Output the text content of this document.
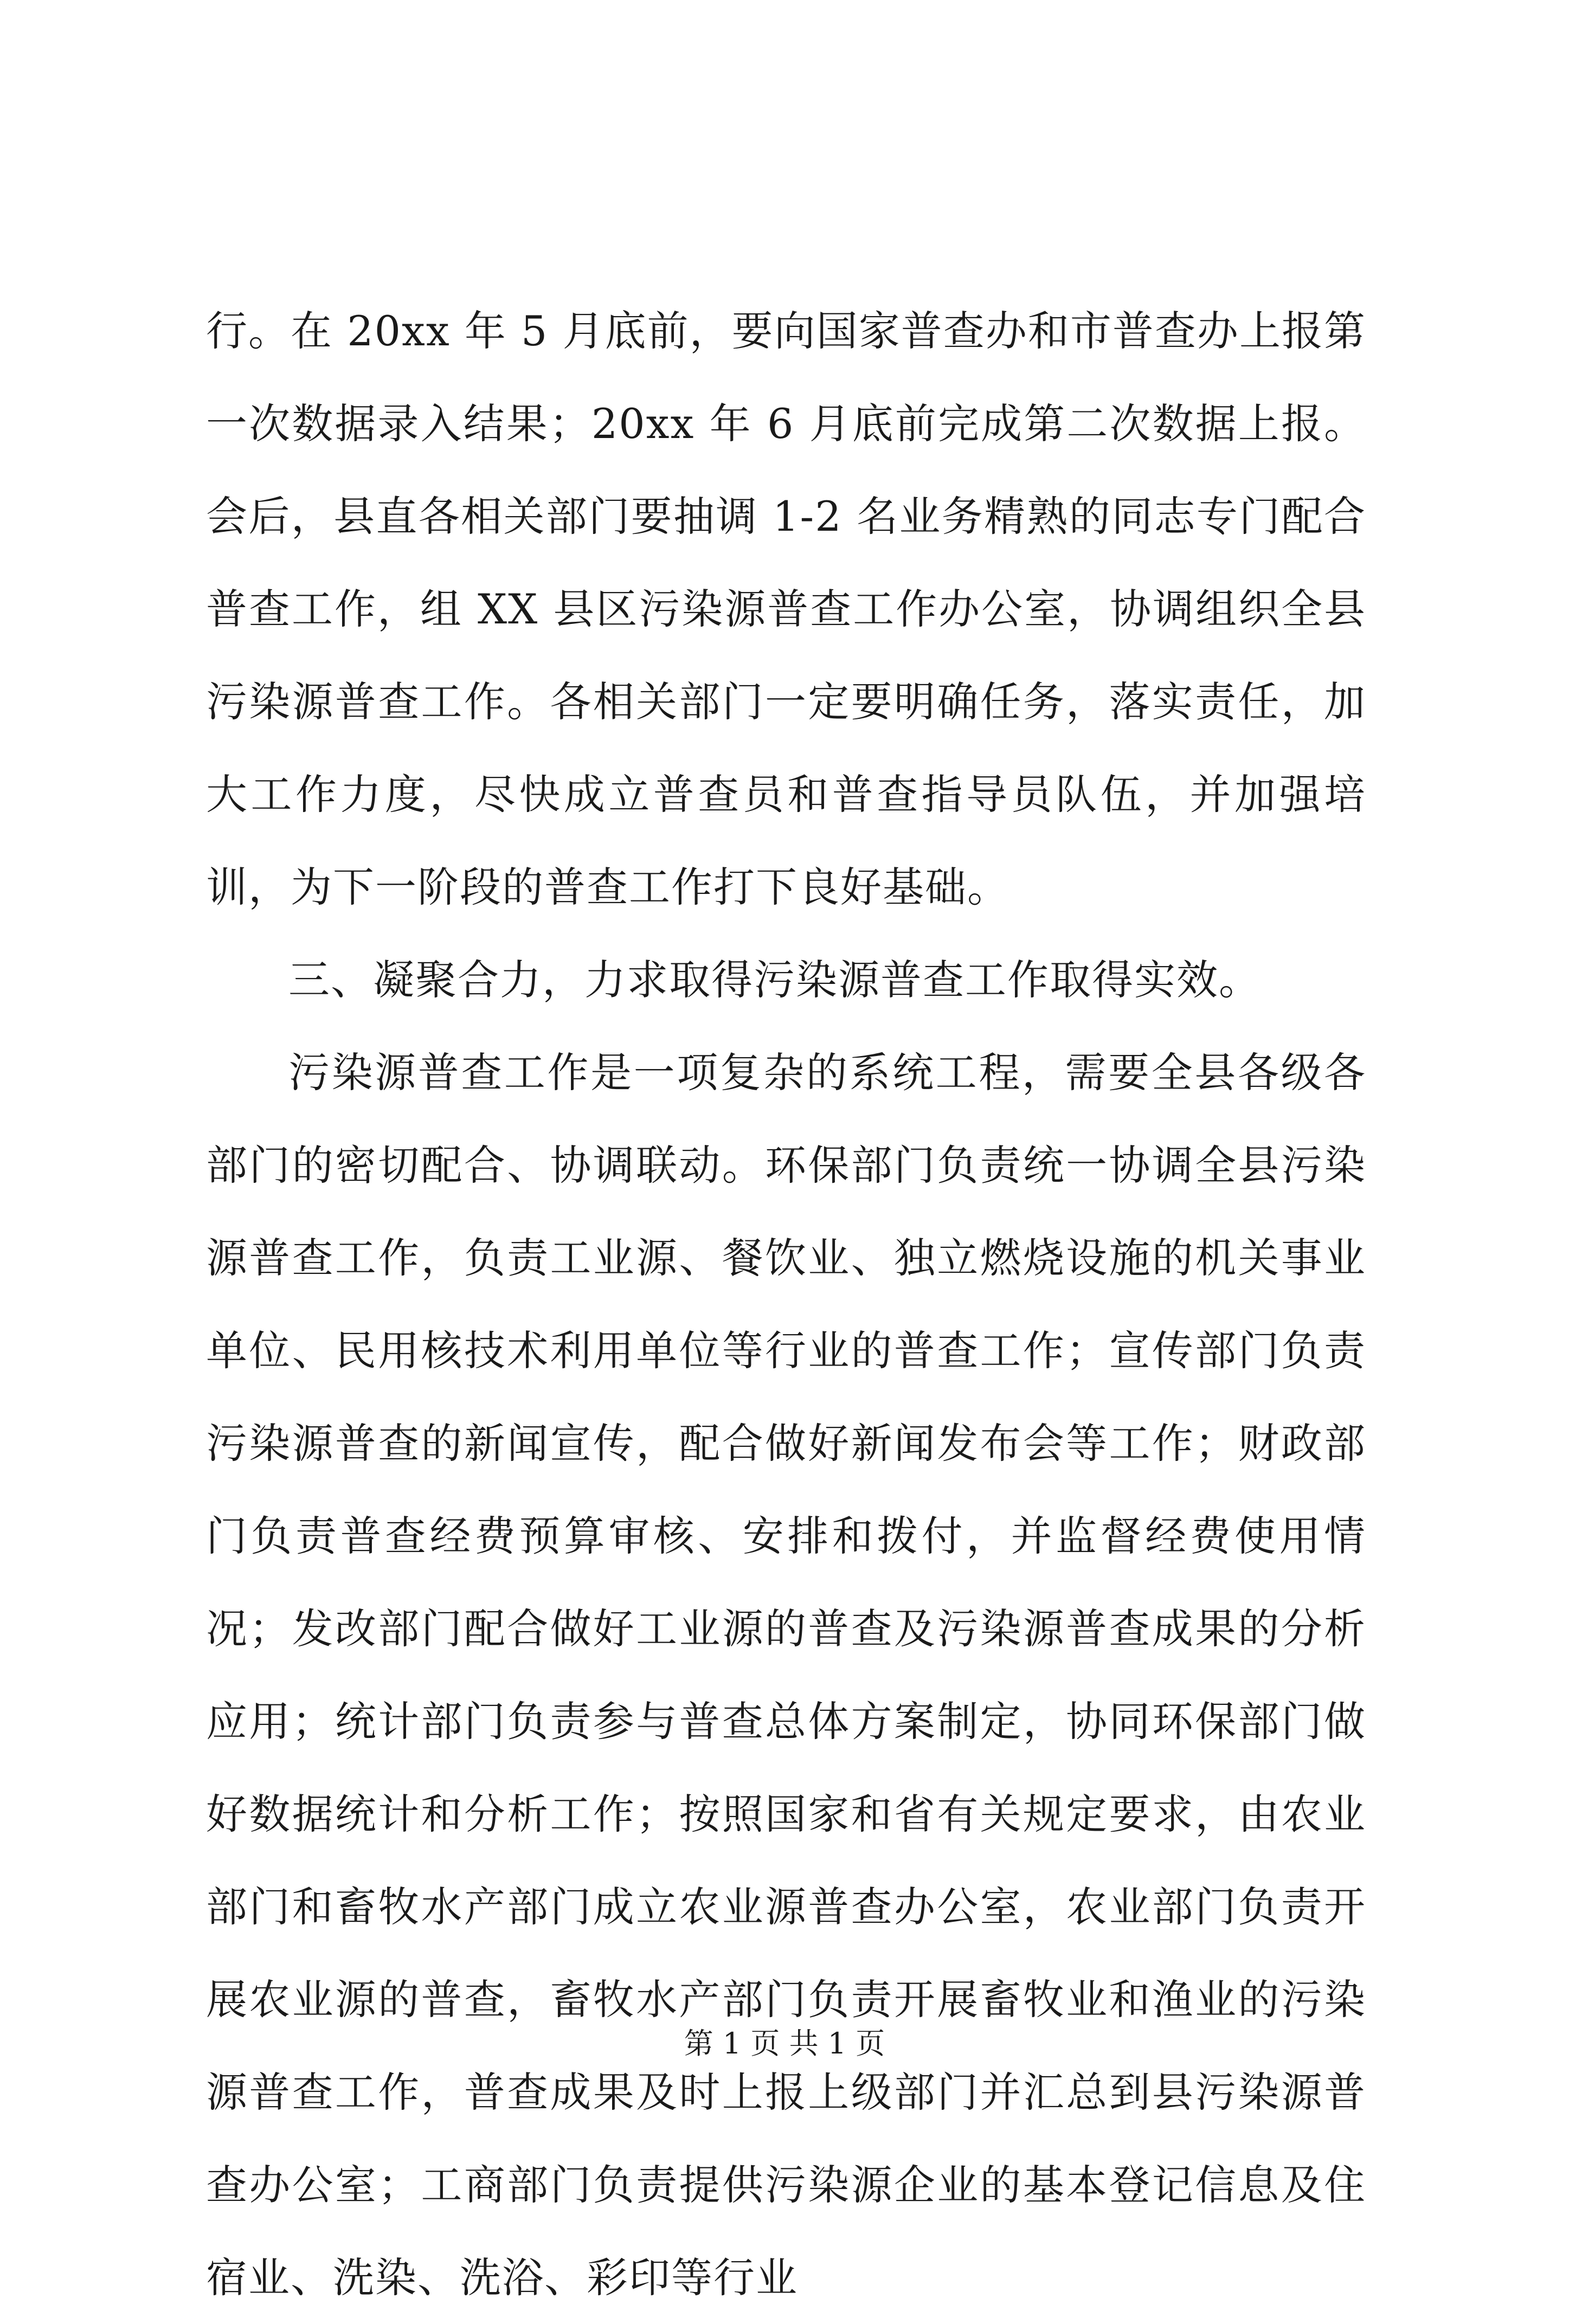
行。在 20xx 年 5 月底前，要向国家普查办和市普查办上报第一次数据录入结果；20xx 年 6 月底前完成第二次数据上报。会后，县直各相关部门要抽调 1-2 名业务精熟的同志专门配合普查工作，组 XX 县区污染源普查工作办公室，协调组织全县污染源普查工作。各相关部门一定要明确任务，落实责任，加大工作力度，尽快成立普查员和普查指导员队伍，并加强培训，为下一阶段的普查工作打下良好基础。

三、凝聚合力，力求取得污染源普查工作取得实效。

污染源普查工作是一项复杂的系统工程，需要全县各级各部门的密切配合、协调联动。环保部门负责统一协调全县污染源普查工作，负责工业源、餐饮业、独立燃烧设施的机关事业单位、民用核技术利用单位等行业的普查工作；宣传部门负责污染源普查的新闻宣传，配合做好新闻发布会等工作；财政部门负责普查经费预算审核、安排和拨付，并监督经费使用情况；发改部门配合做好工业源的普查及污染源普查成果的分析应用；统计部门负责参与普查总体方案制定，协同环保部门做好数据统计和分析工作；按照国家和省有关规定要求，由农业部门和畜牧水产部门成立农业源普查办公室，农业部门负责开展农业源的普查，畜牧水产部门负责开展畜牧业和渔业的污染源普查工作，普查成果及时上报上级部门并汇总到县污染源普查办公室；工商部门负责提供污染源企业的基本登记信息及住宿业、洗染、洗浴、彩印等行业

第 1 页 共 1 页
